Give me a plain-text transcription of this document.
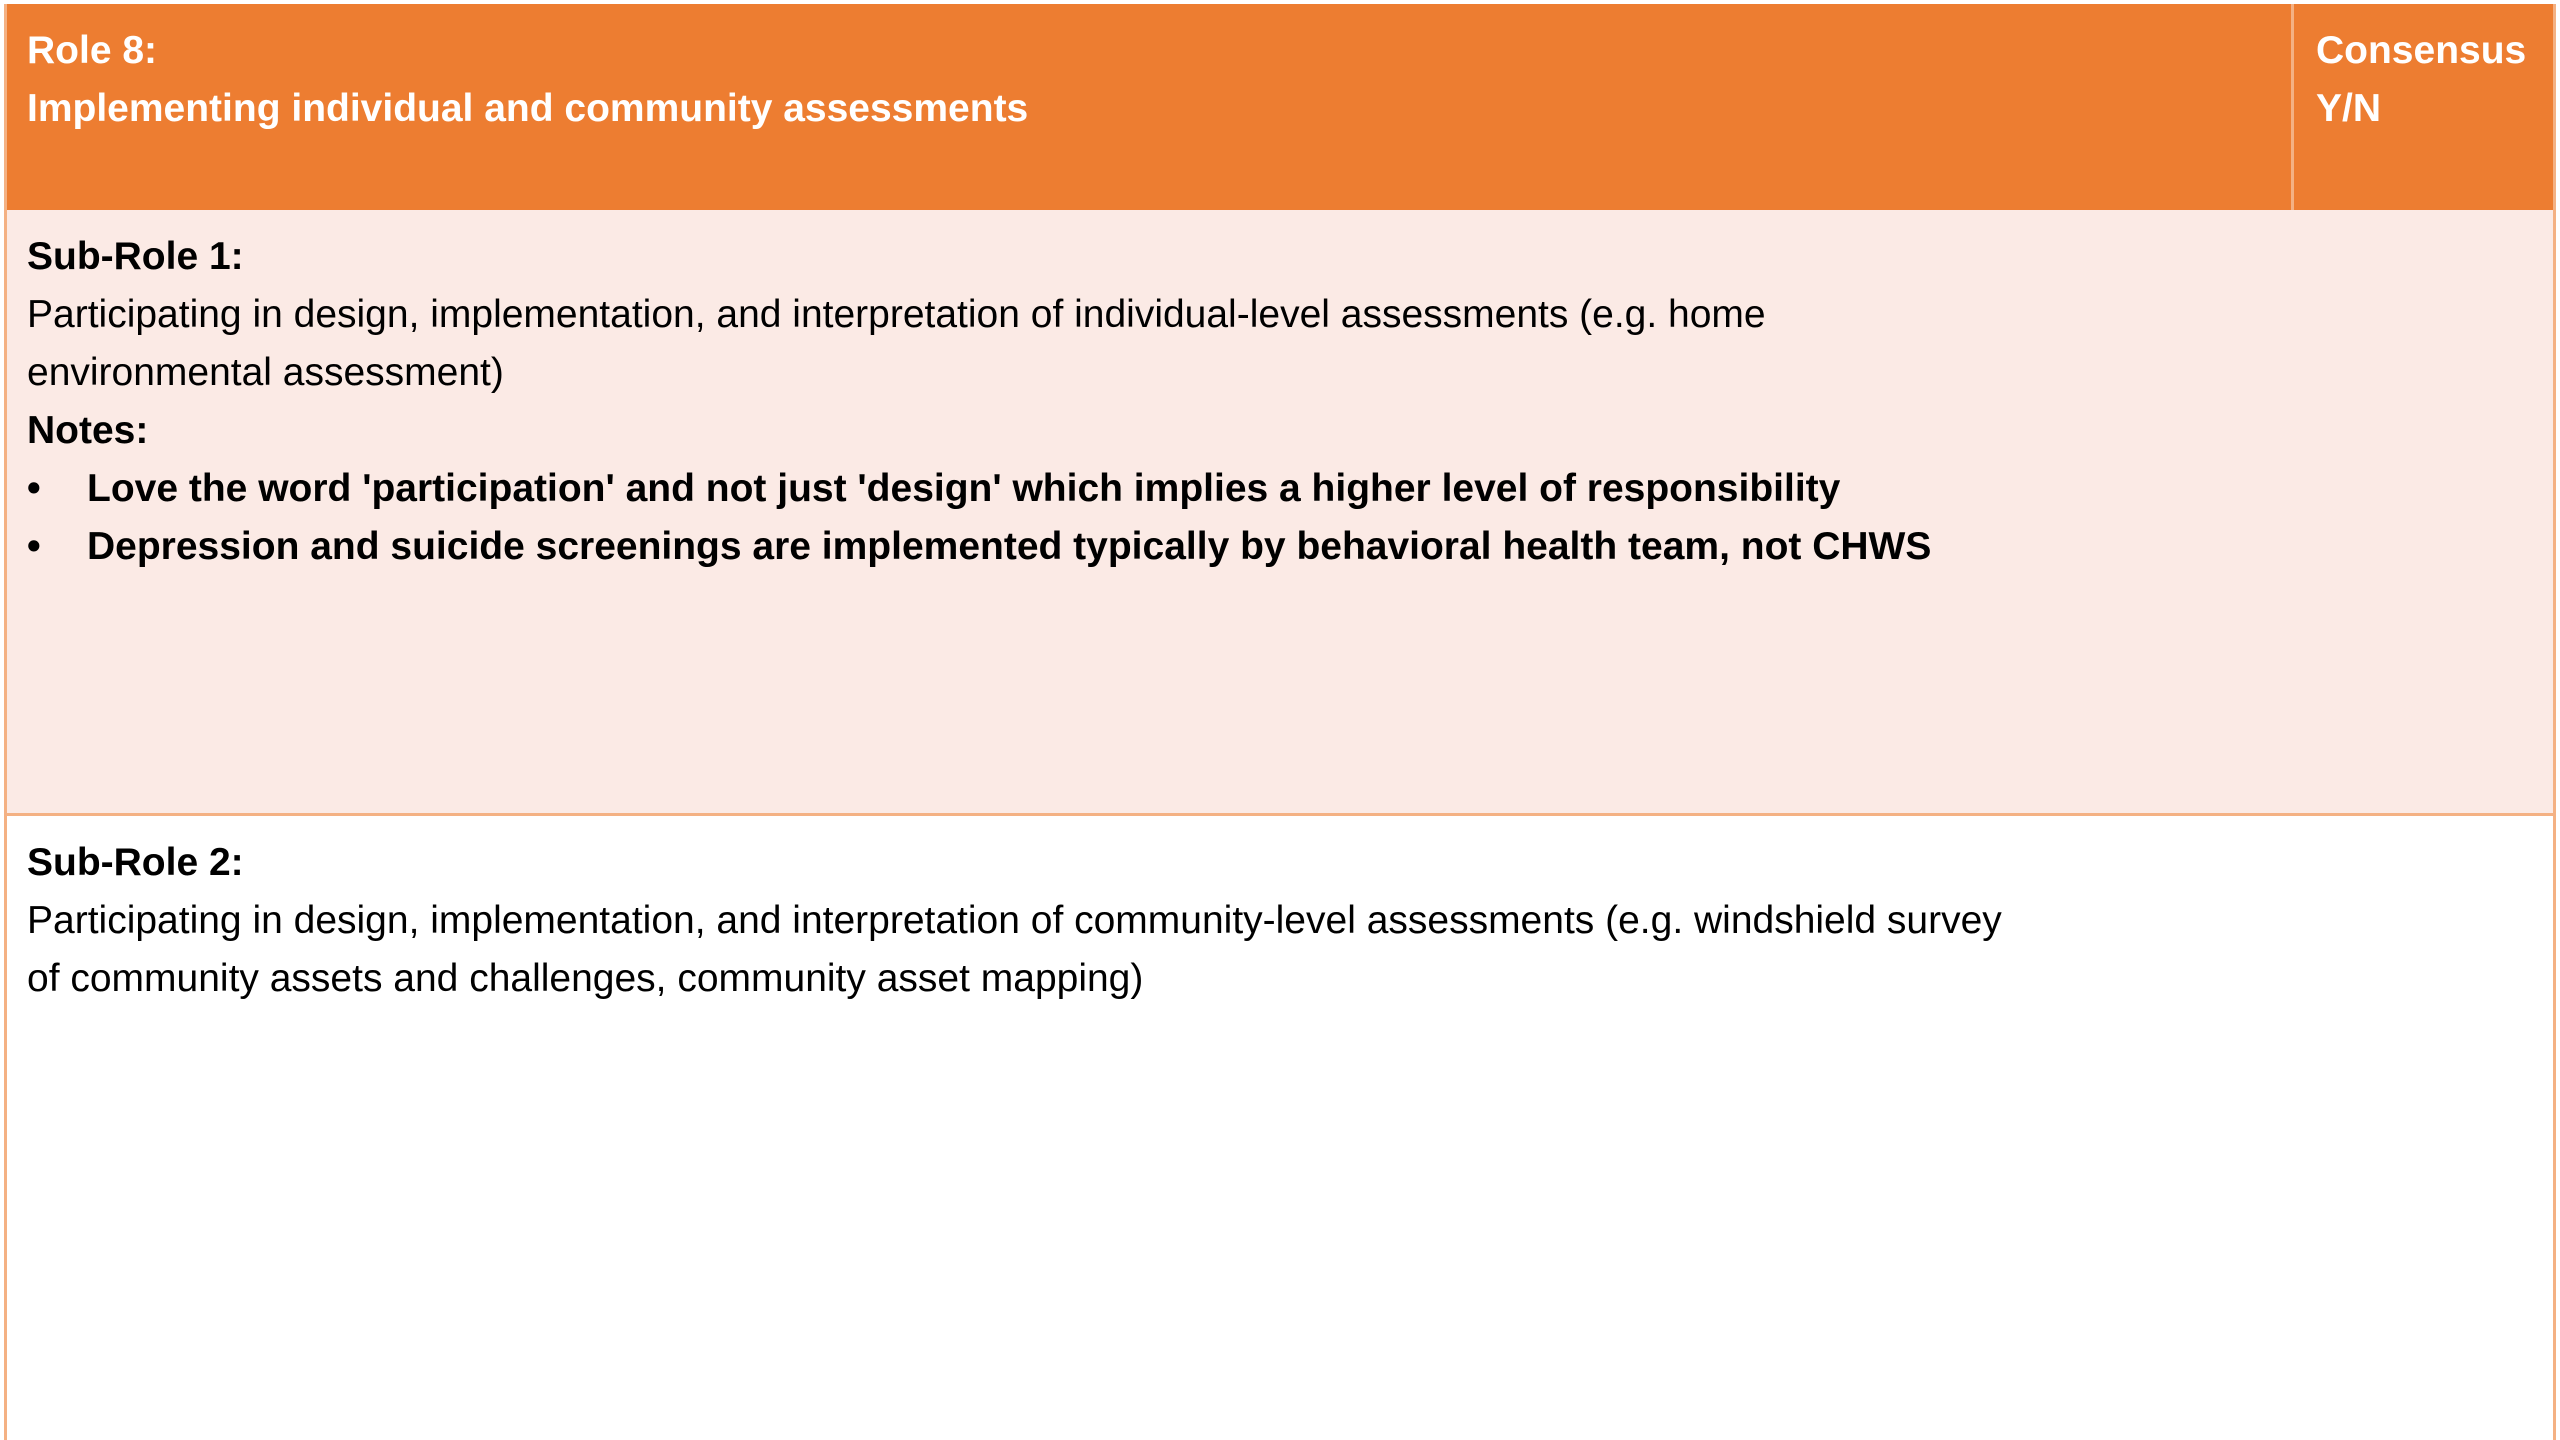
Role 8:
Implementing individual and community assessments
Consensus
Y/N
Sub-Role 1:
Participating in design, implementation, and interpretation of individual-level assessments (e.g. home
environmental assessment)
Notes:
•	Love the word 'participation' and not just 'design' which implies a higher level of responsibility
•	Depression and suicide screenings are implemented typically by behavioral health team, not CHWS
Sub-Role 2:
Participating in design, implementation, and interpretation of community-level assessments (e.g. windshield survey
of community assets and challenges, community asset mapping)
